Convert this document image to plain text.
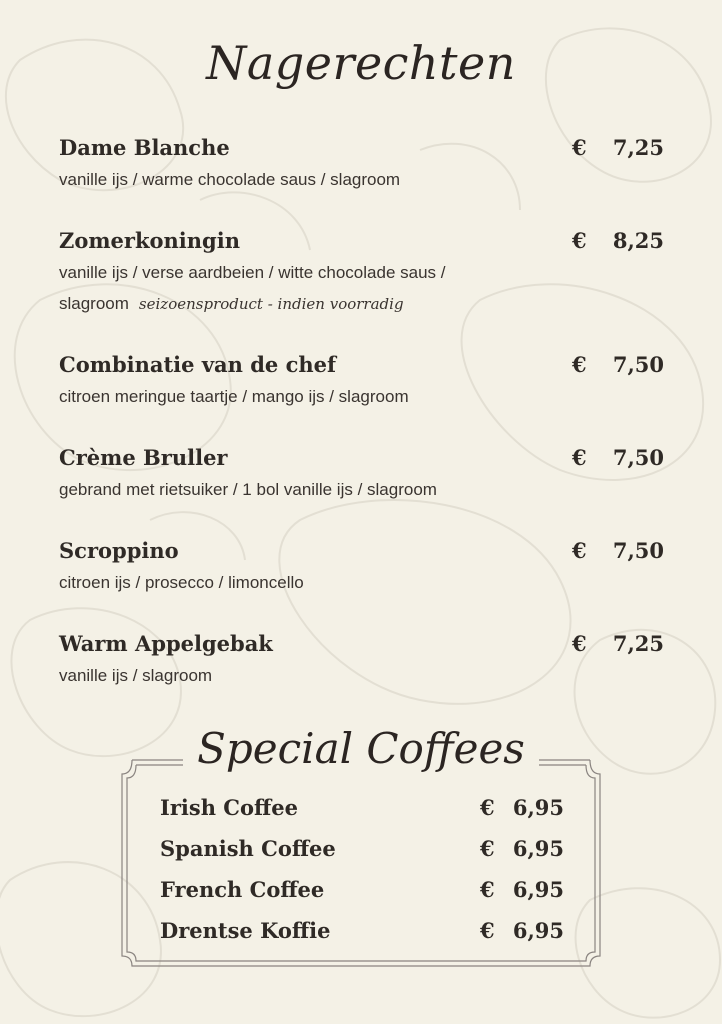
Nagerechten
Dame Blanche	€ 7,25
vanille ijs / warme chocolade saus / slagroom
Zomerkoningin	€ 8,25
vanille ijs / verse aardbeien / witte chocolade saus /
slagroom seizoensproduct - indien voorradig
Combinatie van de chef	€ 7,50
citroen meringue taartje / mango ijs / slagroom
Crème Bruller	€ 7,50
gebrand met rietsuiker / 1 bol vanille ijs / slagroom
Scroppino	€ 7,50
citroen ijs / prosecco / limoncello
Warm Appelgebak	€ 7,25
vanille ijs / slagroom
Special Coffees
Irish Coffee	€ 6,95
Spanish Coffee	€ 6,95
French Coffee	€ 6,95
Drentse Koffie	€ 6,95
